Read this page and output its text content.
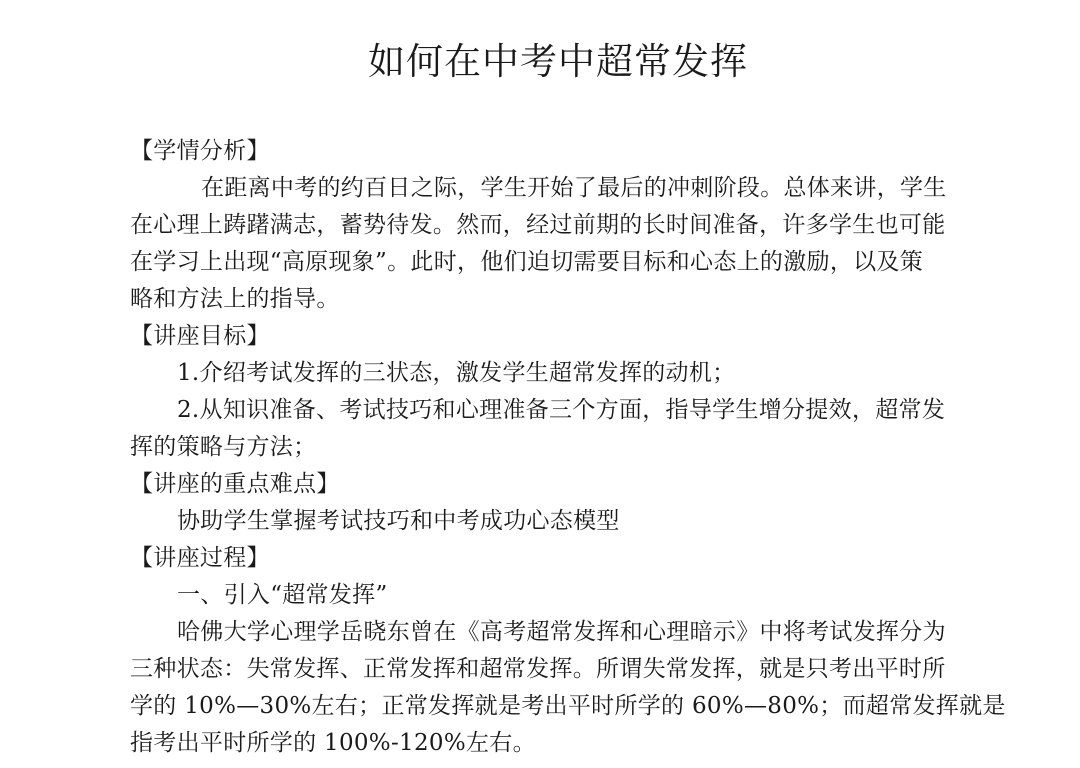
如何在中考中超常发挥
【学情分析】
在距离中考的约百日之际，学生开始了最后的冲刺阶段。总体来讲，学生
在心理上踌躇满志，蓄势待发。然而，经过前期的长时间准备，许多学生也可能
在学习上出现“高原现象”。此时，他们迫切需要目标和心态上的激励，以及策
略和方法上的指导。
【讲座目标】
1.介绍考试发挥的三状态，激发学生超常发挥的动机；
2.从知识准备、考试技巧和心理准备三个方面，指导学生增分提效，超常发
挥的策略与方法；
【讲座的重点难点】
协助学生掌握考试技巧和中考成功心态模型
【讲座过程】
一、引入“超常发挥”
哈佛大学心理学岳晓东曾在《高考超常发挥和心理暗示》中将考试发挥分为
三种状态：失常发挥、正常发挥和超常发挥。所谓失常发挥，就是只考出平时所
学的 10%—30%左右；正常发挥就是考出平时所学的 60%—80%；而超常发挥就是
指考出平时所学的 100%-120%左右。
